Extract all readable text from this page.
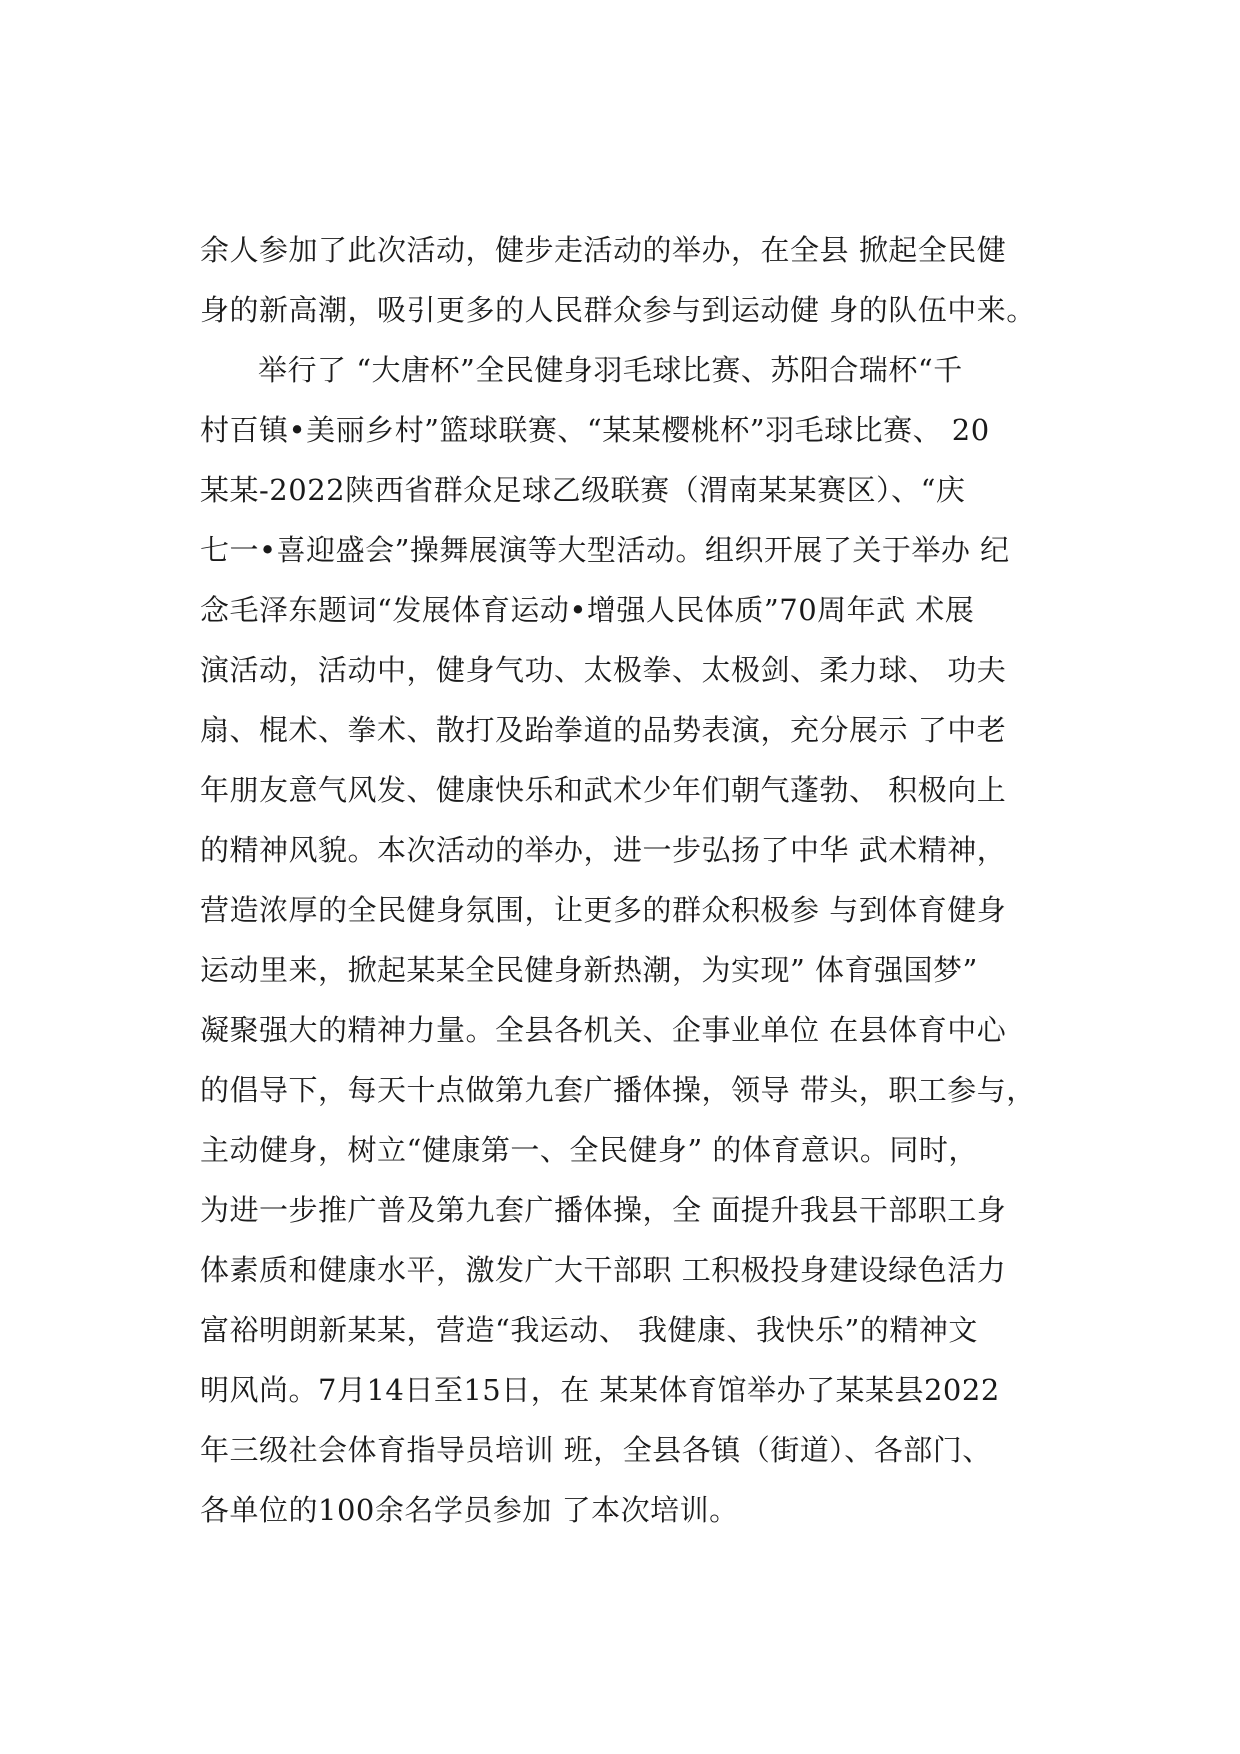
余人参加了此次活动，健步走活动的举办，在全县 掀起全民健
身的新高潮，吸引更多的人民群众参与到运动健 身的队伍中来。
举行了 “大唐杯”全民健身羽毛球比赛、苏阳合瑞杯“千
村百镇•美丽乡村”篮球联赛、“某某樱桃杯”羽毛球比赛、 20
某某-2022陕西省群众足球乙级联赛（渭南某某赛区）、“庆
七一•喜迎盛会”操舞展演等大型活动。组织开展了关于举办 纪
念毛泽东题词“发展体育运动•增强人民体质”70周年武 术展
演活动，活动中，健身气功、太极拳、太极剑、柔力球、 功夫
扇、棍术、拳术、散打及跆拳道的品势表演，充分展示 了中老
年朋友意气风发、健康快乐和武术少年们朝气蓬勃、 积极向上
的精神风貌。本次活动的举办，进一步弘扬了中华 武术精神，
营造浓厚的全民健身氛围，让更多的群众积极参 与到体育健身
运动里来，掀起某某全民健身新热潮，为实现” 体育强国梦”
凝聚强大的精神力量。全县各机关、企事业单位 在县体育中心
的倡导下，每天十点做第九套广播体操，领导 带头，职工参与，
主动健身，树立“健康第一、全民健身” 的体育意识。同时，
为进一步推广普及第九套广播体操，全 面提升我县干部职工身
体素质和健康水平，激发广大干部职 工积极投身建设绿色活力
富裕明朗新某某，营造“我运动、 我健康、我快乐”的精神文
明风尚。7月14日至15日，在 某某体育馆举办了某某县2022
年三级社会体育指导员培训 班，全县各镇（街道）、各部门、
各单位的100余名学员参加 了本次培训。
